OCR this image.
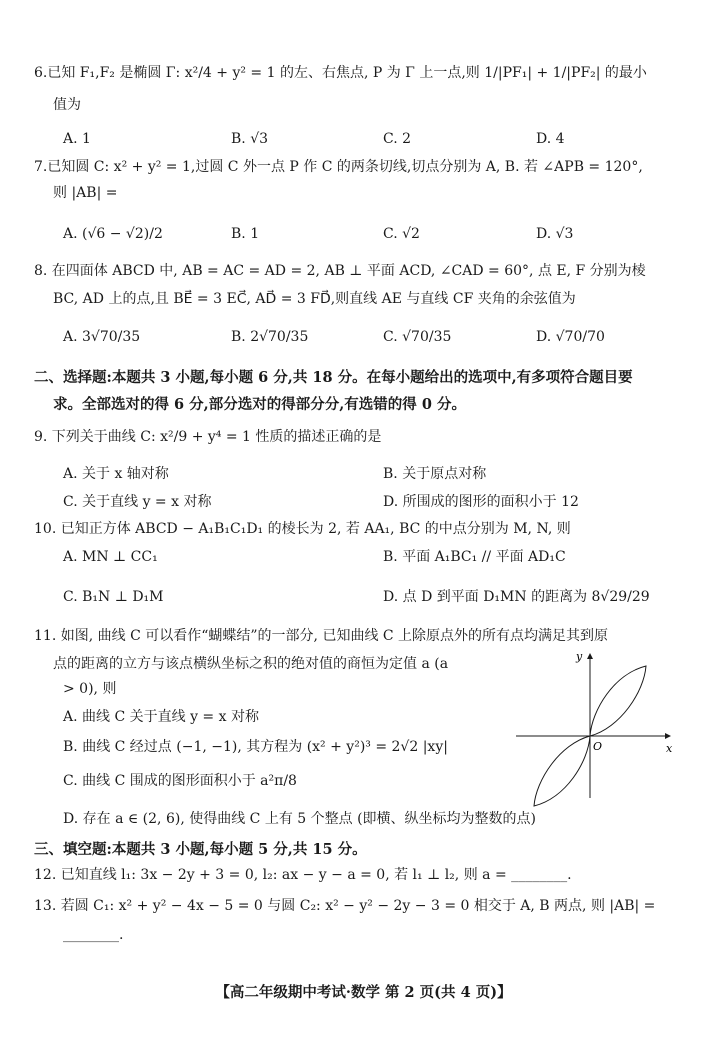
6.已知 F₁,F₂ 是椭圆 Γ: x²/4 + y² = 1 的左、右焦点, P 为 Γ 上一点,则 1/|PF₁| + 1/|PF₂| 的最小
值为
A. 1	B. √3	C. 2	D. 4
7.已知圆 C: x² + y² = 1,过圆 C 外一点 P 作 C 的两条切线,切点分别为 A, B. 若 ∠APB = 120°,
则 |AB| =
A. (√6 − √2)/2	B. 1	C. √2	D. √3
8. 在四面体 ABCD 中, AB = AC = AD = 2, AB ⊥ 平面 ACD, ∠CAD = 60°, 点 E, F 分别为棱
BC, AD 上的点,且 BE⃗ = 3 EC⃗, AD⃗ = 3 FD⃗,则直线 AE 与直线 CF 夹角的余弦值为
A. 3√70/35	B. 2√70/35	C. √70/35	D. √70/70
二、选择题:本题共 3 小题,每小题 6 分,共 18 分。在每小题给出的选项中,有多项符合题目要
求。全部选对的得 6 分,部分选对的得部分分,有选错的得 0 分。
9. 下列关于曲线 C: x²/9 + y⁴ = 1 性质的描述正确的是
A. 关于 x 轴对称	B. 关于原点对称
C. 关于直线 y = x 对称	D. 所围成的图形的面积小于 12
10. 已知正方体 ABCD − A₁B₁C₁D₁ 的棱长为 2, 若 AA₁, BC 的中点分别为 M, N, 则
A. MN ⊥ CC₁	B. 平面 A₁BC₁ // 平面 AD₁C
C. B₁N ⊥ D₁M	D. 点 D 到平面 D₁MN 的距离为 8√29/29
11. 如图, 曲线 C 可以看作“蝴蝶结”的一部分, 已知曲线 C 上除原点外的所有点均满足其到原
点的距离的立方与该点横纵坐标之积的绝对值的商恒为定值 a (a
> 0), 则
A. 曲线 C 关于直线 y = x 对称
B. 曲线 C 经过点 (−1, −1), 其方程为 (x² + y²)³ = 2√2 |xy|
C. 曲线 C 围成的图形面积小于 a²π/8
D. 存在 a ∈ (2, 6), 使得曲线 C 上有 5 个整点 (即横、纵坐标均为整数的点)
y
x
O
三、填空题:本题共 3 小题,每小题 5 分,共 15 分。
12. 已知直线 l₁: 3x − 2y + 3 = 0, l₂: ax − y − a = 0, 若 l₁ ⊥ l₂, 则 a = ________.
13. 若圆 C₁: x² + y² − 4x − 5 = 0 与圆 C₂: x² − y² − 2y − 3 = 0 相交于 A, B 两点, 则 |AB| =
________.
【高二年级期中考试·数学 第 2 页(共 4 页)】
